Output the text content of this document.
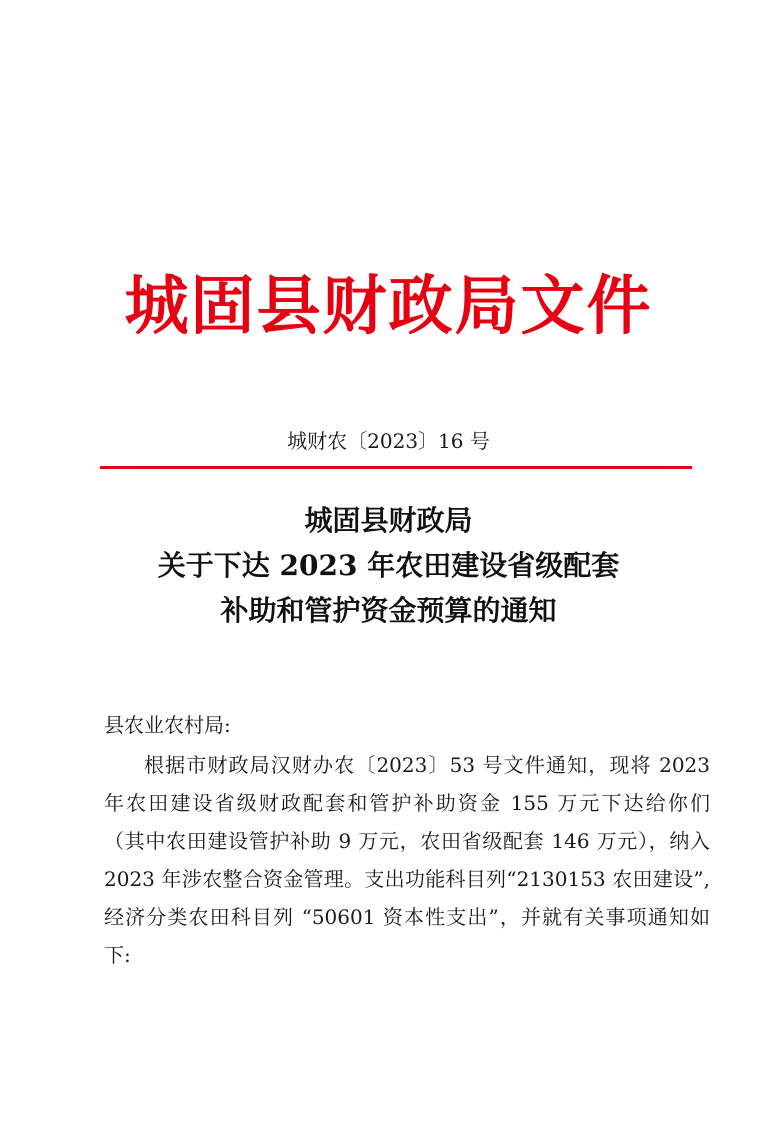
城固县财政局文件
城财农〔2023〕16 号
城固县财政局
关于下达 2023 年农田建设省级配套
补助和管护资金预算的通知
县农业农村局:
根据市财政局汉财办农〔2023〕53 号文件通知，现将 2023
年农田建设省级财政配套和管护补助资金 155 万元下达给你们
（其中农田建设管护补助 9 万元，农田省级配套 146 万元），纳入
2023 年涉农整合资金管理。支出功能科目列“2130153 农田建设”,
经济分类农田科目列 “50601 资本性支出”，并就有关事项通知如
下:
